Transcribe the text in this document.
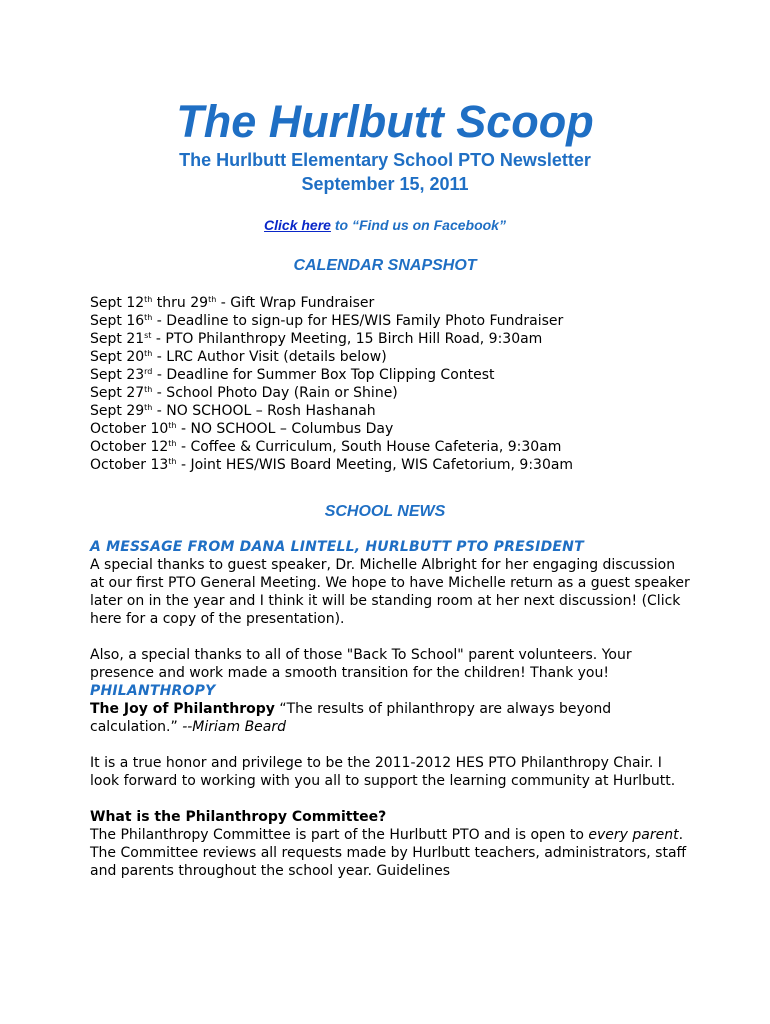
The Hurlbutt Scoop

The Hurlbutt Elementary School PTO Newsletter

September 15, 2011

Click here to “Find us on Facebook”
CALENDAR SNAPSHOT
Sept 12th thru 29th - Gift Wrap Fundraiser
Sept 16th - Deadline to sign-up for HES/WIS Family Photo Fundraiser
Sept 21st - PTO Philanthropy Meeting, 15 Birch Hill Road, 9:30am
Sept 20th - LRC Author Visit (details below)
Sept 23rd - Deadline for Summer Box Top Clipping Contest
Sept 27th - School Photo Day (Rain or Shine)
Sept 29th - NO SCHOOL – Rosh Hashanah
October 10th - NO SCHOOL – Columbus Day
October 12th - Coffee & Curriculum, South House Cafeteria, 9:30am
October 13th - Joint HES/WIS Board Meeting, WIS Cafetorium, 9:30am
SCHOOL NEWS

A MESSAGE FROM DANA LINTELL, HURLBUTT PTO PRESIDENT

A special thanks to guest speaker, Dr. Michelle Albright for her engaging discussion at our first PTO General Meeting. We hope to have Michelle return as a guest speaker later on in the year and I think it will be standing room at her next discussion! (Click here for a copy of the presentation).

Also, a special thanks to all of those "Back To School" parent volunteers. Your presence and work made a smooth transition for the children! Thank you!

PHILANTHROPY

The Joy of Philanthropy “The results of philanthropy are always beyond calculation.” --Miriam Beard

It is a true honor and privilege to be the 2011-2012 HES PTO Philanthropy Chair. I look forward to working with you all to support the learning community at Hurlbutt.

What is the Philanthropy Committee?

The Philanthropy Committee is part of the Hurlbutt PTO and is open to every parent. The Committee reviews all requests made by Hurlbutt teachers, administrators, staff and parents throughout the school year. Guidelines
